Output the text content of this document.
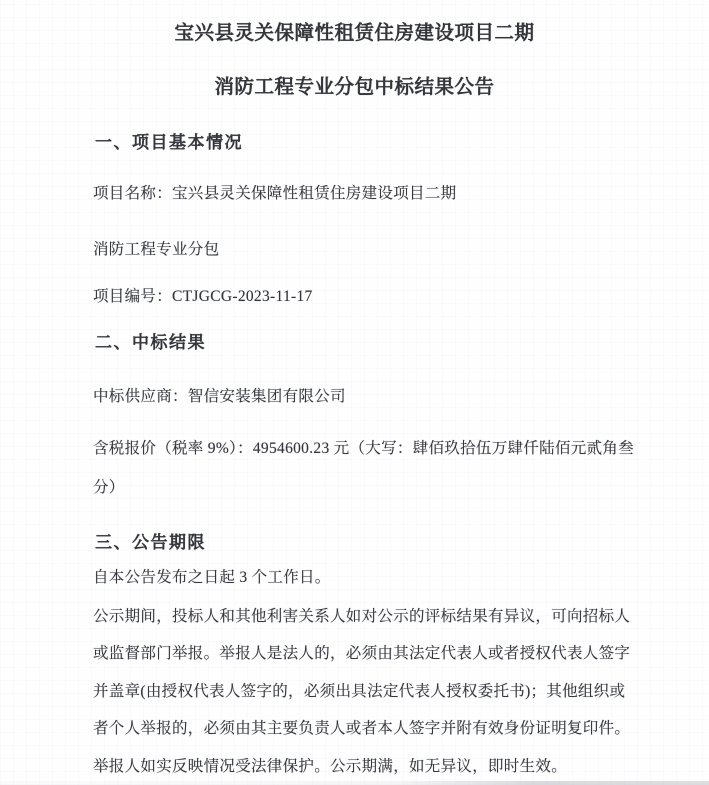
宝兴县灵关保障性租赁住房建设项目二期
消防工程专业分包中标结果公告
一、项目基本情况
项目名称：宝兴县灵关保障性租赁住房建设项目二期
消防工程专业分包
项目编号：CTJGCG-2023-11-17
二、中标结果
中标供应商：智信安装集团有限公司
含税报价（税率 9%）：4954600.23 元（大写：肆佰玖拾伍万肆仟陆佰元贰角叁
分）
三、公告期限
自本公告发布之日起 3 个工作日。
公示期间，投标人和其他利害关系人如对公示的评标结果有异议，可向招标人
或监督部门举报。举报人是法人的，必须由其法定代表人或者授权代表人签字
并盖章(由授权代表人签字的，必须出具法定代表人授权委托书)；其他组织或
者个人举报的，必须由其主要负责人或者本人签字并附有效身份证明复印件。
举报人如实反映情况受法律保护。公示期满，如无异议，即时生效。
